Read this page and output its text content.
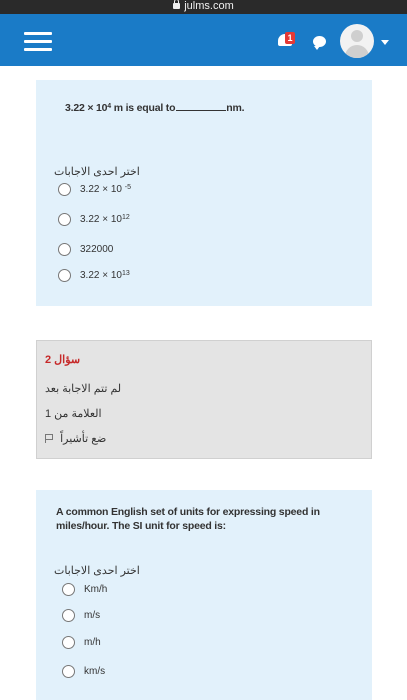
julms.com
1
$3.22 \times 10^4$ m is equal to	nm.
اختر احدى الاجابات
3.22 × 10 $^{-5}$
$3.22 \times 10^{12}$
322000
$3.22 \times 10^{13}$
سؤال 2
لم تتم الاجابة بعد
العلامة من 1
ضع تأشيراً
A common English set of units for expressing speed in miles/hour. The SI unit for speed is:
اختر احدى الاجابات
Km/h
m/s
m/h
km/s
